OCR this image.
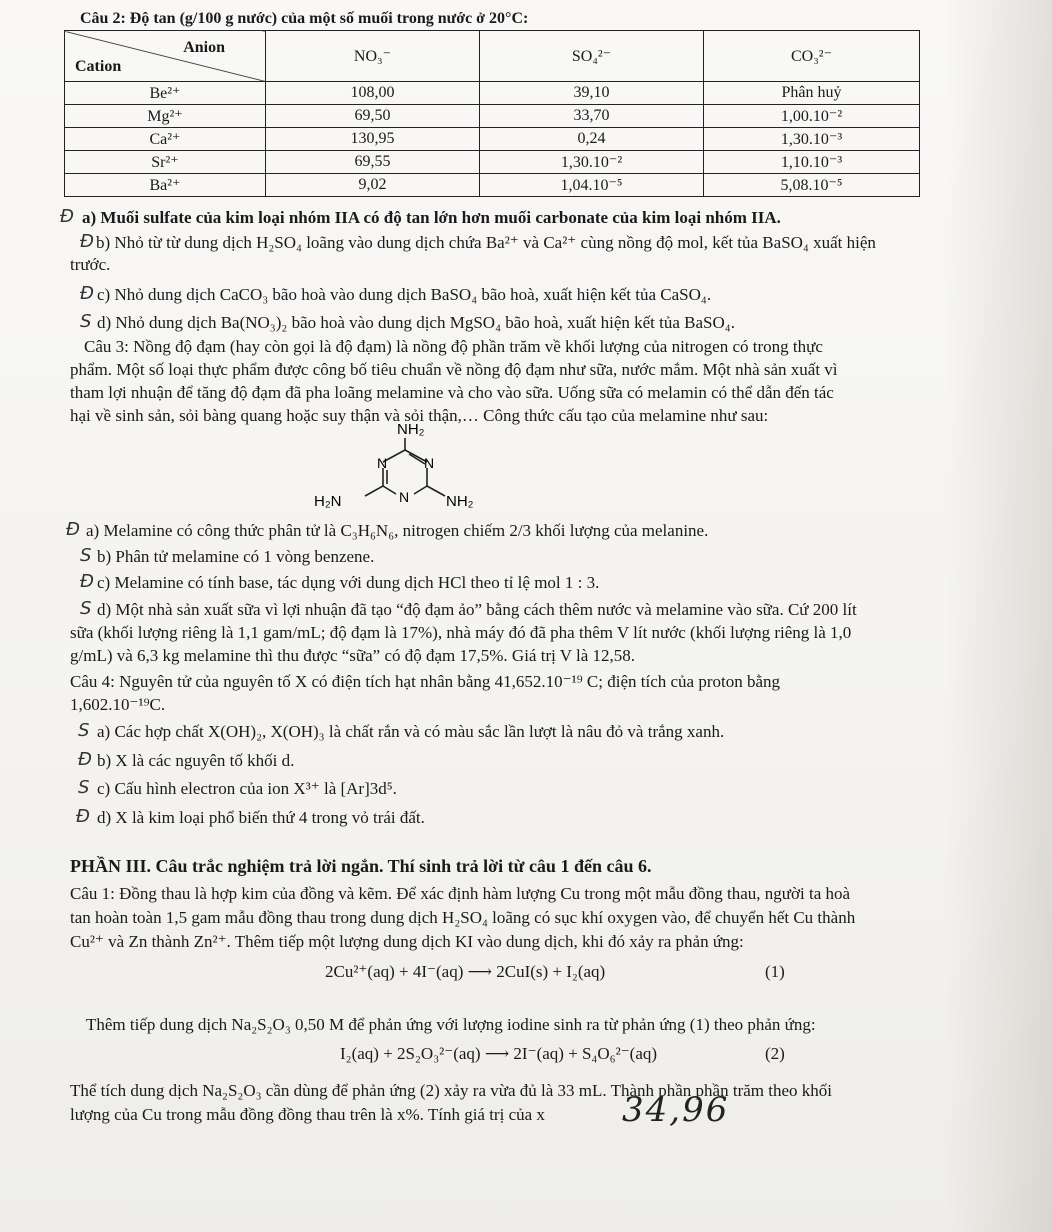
Câu 2: Độ tan (g/100 g nước) của một số muối trong nước ở 20°C:
Anion
Cation	NO₃⁻	SO₄²⁻	CO₃²⁻
Be²⁺	108,00	39,10	Phân huỷ
Mg²⁺	69,50	33,70	1,00.10⁻²
Ca²⁺	130,95	0,24	1,30.10⁻³
Sr²⁺	69,55	1,30.10⁻²	1,10.10⁻³
Ba²⁺	9,02	1,04.10⁻⁵	5,08.10⁻⁵
Đ a) Muối sulfate của kim loại nhóm IIA có độ tan lớn hơn muối carbonate của kim loại nhóm IIA.
Đ b) Nhỏ từ từ dung dịch H₂SO₄ loãng vào dung dịch chứa Ba²⁺ và Ca²⁺ cùng nồng độ mol, kết tủa BaSO₄ xuất hiện
trước.
Đ c) Nhỏ dung dịch CaCO₃ bão hoà vào dung dịch BaSO₄ bão hoà, xuất hiện kết tủa CaSO₄.
S d) Nhỏ dung dịch Ba(NO₃)₂ bão hoà vào dung dịch MgSO₄ bão hoà, xuất hiện kết tủa BaSO₄.
Câu 3: Nồng độ đạm (hay còn gọi là độ đạm) là nồng độ phần trăm về khối lượng của nitrogen có trong thực
phẩm. Một số loại thực phẩm được công bố tiêu chuẩn về nồng độ đạm như sữa, nước mắm. Một nhà sản xuất vì
tham lợi nhuận để tăng độ đạm đã pha loãng melamine và cho vào sữa. Uống sữa có melamin có thể dẫn đến tác
hại về sinh sản, sỏi bàng quang hoặc suy thận và sỏi thận,… Công thức cấu tạo của melamine như sau:
NH₂
N	N
N
H₂N	NH₂
Đ a) Melamine có công thức phân tử là C₃H₆N₆, nitrogen chiếm 2/3 khối lượng của melanine.
S b) Phân tử melamine có 1 vòng benzene.
Đ c) Melamine có tính base, tác dụng với dung dịch HCl theo tỉ lệ mol 1 : 3.
S d) Một nhà sản xuất sữa vì lợi nhuận đã tạo “độ đạm ảo” bằng cách thêm nước và melamine vào sữa. Cứ 200 lít
sữa (khối lượng riêng là 1,1 gam/mL; độ đạm là 17%), nhà máy đó đã pha thêm V lít nước (khối lượng riêng là 1,0
g/mL) và 6,3 kg melamine thì thu được “sữa” có độ đạm 17,5%. Giá trị V là 12,58.
Câu 4: Nguyên tử của nguyên tố X có điện tích hạt nhân bằng 41,652.10⁻¹⁹ C; điện tích của proton bằng
1,602.10⁻¹⁹C.
S a) Các hợp chất X(OH)₂, X(OH)₃ là chất rắn và có màu sắc lần lượt là nâu đỏ và trắng xanh.
Đ b) X là các nguyên tố khối d.
S c) Cấu hình electron của ion X³⁺ là [Ar]3d⁵.
Đ d) X là kim loại phổ biến thứ 4 trong vỏ trái đất.
PHẦN III. Câu trắc nghiệm trả lời ngắn. Thí sinh trả lời từ câu 1 đến câu 6.
Câu 1: Đồng thau là hợp kim của đồng và kẽm. Để xác định hàm lượng Cu trong một mẫu đồng thau, người ta hoà
tan hoàn toàn 1,5 gam mẫu đồng thau trong dung dịch H₂SO₄ loãng có sục khí oxygen vào, để chuyển hết Cu thành
Cu²⁺ và Zn thành Zn²⁺. Thêm tiếp một lượng dung dịch KI vào dung dịch, khi đó xảy ra phản ứng:
2Cu²⁺(aq) + 4I⁻(aq) ⟶ 2CuI(s) + I₂(aq)	(1)
Thêm tiếp dung dịch Na₂S₂O₃ 0,50 M để phản ứng với lượng iodine sinh ra từ phản ứng (1) theo phản ứng:
I₂(aq) + 2S₂O₃²⁻(aq) ⟶ 2I⁻(aq) + S₄O₆²⁻(aq)	(2)
Thể tích dung dịch Na₂S₂O₃ cần dùng để phản ứng (2) xảy ra vừa đủ là 33 mL. Thành phần phần trăm theo khối
lượng của Cu trong mẫu đồng đồng thau trên là x%. Tính giá trị của x 34,96
